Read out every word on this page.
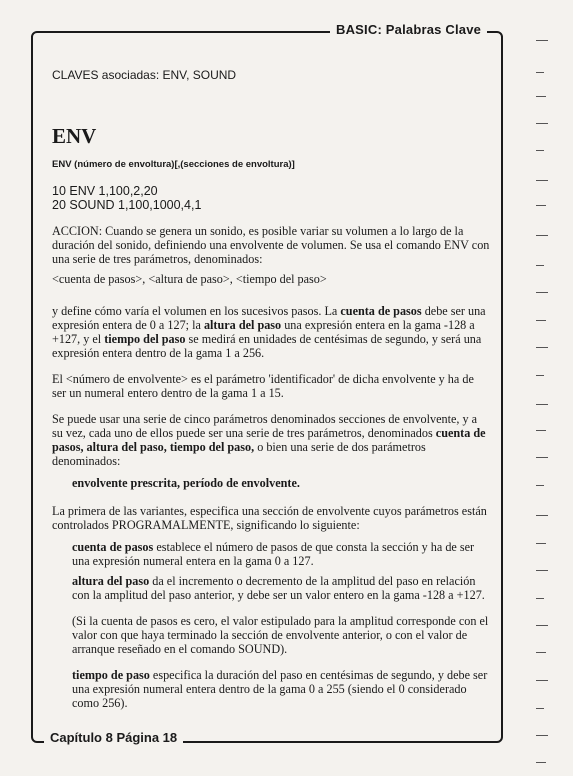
BASIC: Palabras Clave

CLAVES asociadas: ENV, SOUND

ENV

ENV (número de envoltura)[,(secciones de envoltura)]

10 ENV 1,100,2,20
20 SOUND 1,100,1000,4,1

ACCION: Cuando se genera un sonido, es posible variar su volumen a lo largo de la duración del sonido, definiendo una envolvente de volumen. Se usa el comando ENV con una serie de tres parámetros, denominados:

<cuenta de pasos>, <altura de paso>, <tiempo del paso>

y define cómo varía el volumen en los sucesivos pasos. La cuenta de pasos debe ser una expresión entera de 0 a 127; la altura del paso una expresión entera en la gama -128 a +127, y el tiempo del paso se medirá en unidades de centésimas de segundo, y será una expresión entera dentro de la gama 1 a 256.

El <número de envolvente> es el parámetro 'identificador' de dicha envolvente y ha de ser un numeral entero dentro de la gama 1 a 15.

Se puede usar una serie de cinco parámetros denominados secciones de envolvente, y a su vez, cada uno de ellos puede ser una serie de tres parámetros, denominados cuenta de pasos, altura del paso, tiempo del paso, o bien una serie de dos parámetros denominados:

envolvente prescrita, período de envolvente.

La primera de las variantes, especifica una sección de envolvente cuyos parámetros están controlados PROGRAMALMENTE, significando lo siguiente:

cuenta de pasos establece el número de pasos de que consta la sección y ha de ser una expresión numeral entera en la gama 0 a 127.

altura del paso da el incremento o decremento de la amplitud del paso en relación con la amplitud del paso anterior, y debe ser un valor entero en la gama -128 a +127.

(Si la cuenta de pasos es cero, el valor estipulado para la amplitud corresponde con el valor con que haya terminado la sección de envolvente anterior, o con el valor de arranque reseñado en el comando SOUND).

tiempo de paso especifica la duración del paso en centésimas de segundo, y debe ser una expresión numeral entera dentro de la gama 0 a 255 (siendo el 0 considerado como 256).

Capítulo 8 Página 18
